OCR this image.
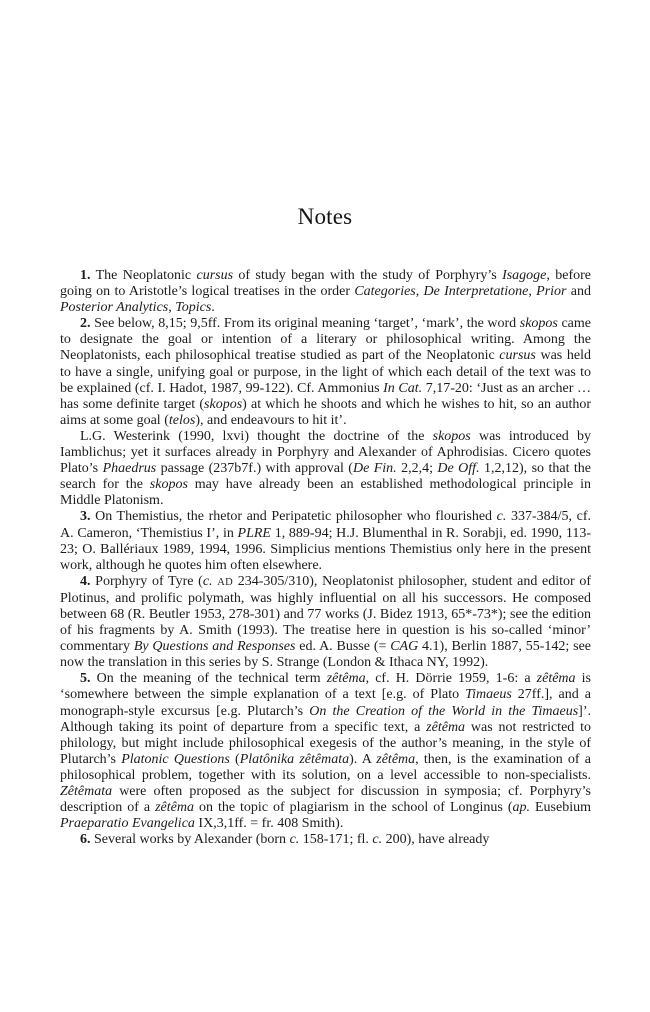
Notes

1. The Neoplatonic cursus of study began with the study of Porphyry’s Isagoge, before going on to Aristotle’s logical treatises in the order Categories, De Interpretatione, Prior and Posterior Analytics, Topics.

2. See below, 8,15; 9,5ff. From its original meaning ‘target’, ‘mark’, the word skopos came to designate the goal or intention of a literary or philosophical writing. Among the Neoplatonists, each philosophical treatise studied as part of the Neoplatonic cursus was held to have a single, unifying goal or purpose, in the light of which each detail of the text was to be explained (cf. I. Hadot, 1987, 99-122). Cf. Ammonius In Cat. 7,17-20: ‘Just as an archer … has some definite target (skopos) at which he shoots and which he wishes to hit, so an author aims at some goal (telos), and endeavours to hit it’.

L.G. Westerink (1990, lxvi) thought the doctrine of the skopos was introduced by Iamblichus; yet it surfaces already in Porphyry and Alexander of Aphrodisias. Cicero quotes Plato’s Phaedrus passage (237b7f.) with approval (De Fin. 2,2,4; De Off. 1,2,12), so that the search for the skopos may have already been an established methodological principle in Middle Platonism.

3. On Themistius, the rhetor and Peripatetic philosopher who flourished c. 337-384/5, cf. A. Cameron, ‘Themistius I’, in PLRE 1, 889-94; H.J. Blumenthal in R. Sorabji, ed. 1990, 113-23; O. Ballériaux 1989, 1994, 1996. Simplicius mentions Themistius only here in the present work, although he quotes him often elsewhere.

4. Porphyry of Tyre (c. AD 234-305/310), Neoplatonist philosopher, student and editor of Plotinus, and prolific polymath, was highly influential on all his successors. He composed between 68 (R. Beutler 1953, 278-301) and 77 works (J. Bidez 1913, 65*-73*); see the edition of his fragments by A. Smith (1993). The treatise here in question is his so-called ‘minor’ commentary By Questions and Responses ed. A. Busse (= CAG 4.1), Berlin 1887, 55-142; see now the translation in this series by S. Strange (London & Ithaca NY, 1992).

5. On the meaning of the technical term zêtêma, cf. H. Dörrie 1959, 1-6: a zêtêma is ‘somewhere between the simple explanation of a text [e.g. of Plato Timaeus 27ff.], and a monograph-style excursus [e.g. Plutarch’s On the Creation of the World in the Timaeus]’. Although taking its point of departure from a specific text, a zêtêma was not restricted to philology, but might include philosophical exegesis of the author’s meaning, in the style of Plutarch’s Platonic Questions (Platônika zêtêmata). A zêtêma, then, is the examination of a philosophical problem, together with its solution, on a level accessible to non-specialists. Zêtêmata were often proposed as the subject for discussion in symposia; cf. Porphyry’s description of a zêtêma on the topic of plagiarism in the school of Longinus (ap. Eusebium Praeparatio Evangelica IX,3,1ff. = fr. 408 Smith).

6. Several works by Alexander (born c. 158-171; fl. c. 200), have already
